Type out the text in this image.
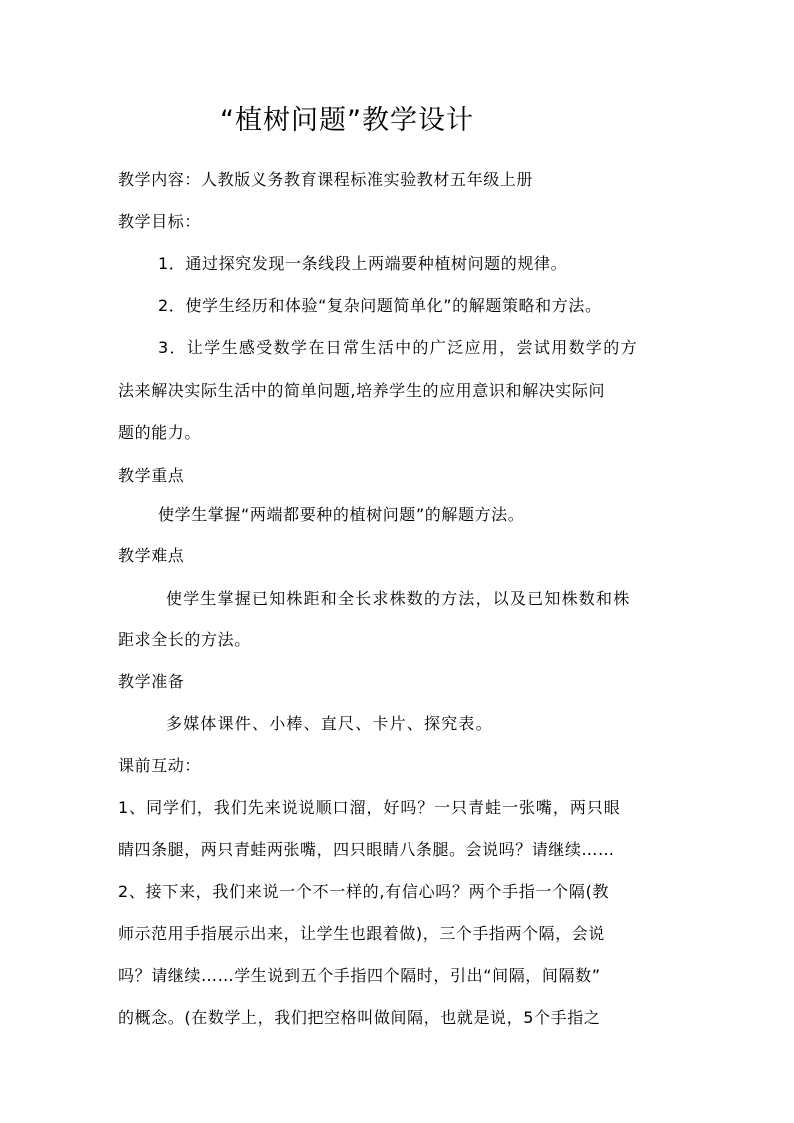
“植树问题”教学设计
教学内容：人教版义务教育课程标准实验教材五年级上册
教学目标：
1．通过探究发现一条线段上两端要种植树问题的规律。
2．使学生经历和体验“复杂问题简单化”的解题策略和方法。
3．让学生感受数学在日常生活中的广泛应用，尝试用数学的方
法来解决实际生活中的简单问题,培养学生的应用意识和解决实际问
题的能力。
教学重点
使学生掌握“两端都要种的植树问题”的解题方法。
教学难点
使学生掌握已知株距和全长求株数的方法，以及已知株数和株
距求全长的方法。
教学准备
多媒体课件、小棒、直尺、卡片、探究表。
课前互动：
1、同学们，我们先来说说顺口溜，好吗？一只青蛙一张嘴，两只眼
睛四条腿，两只青蛙两张嘴，四只眼睛八条腿。会说吗？请继续……
2、接下来，我们来说一个不一样的,有信心吗？两个手指一个隔(教
师示范用手指展示出来，让学生也跟着做)，三个手指两个隔，会说
吗？请继续……学生说到五个手指四个隔时，引出“间隔，间隔数”
的概念。(在数学上，我们把空格叫做间隔，也就是说，5个手指之
